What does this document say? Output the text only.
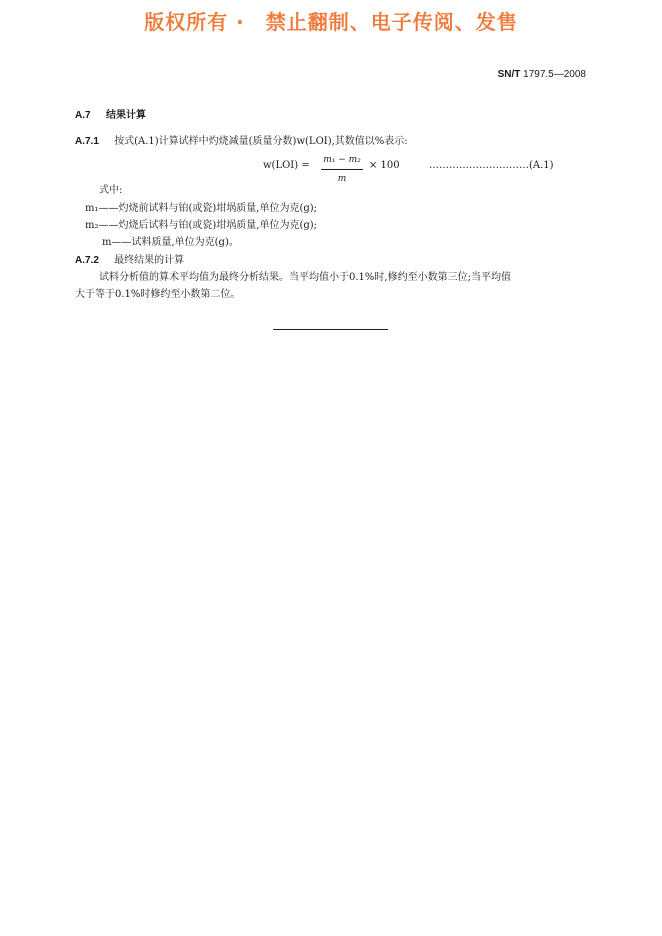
版权所有 ·　禁止翻制、电子传阅、发售
SN/T 1797.5—2008
A.7 结果计算
A.7.1 按式(A.1)计算试样中灼烧减量(质量分数)w(LOI),其数值以%表示:
w(LOI) = m₁ − m₂
m
× 100	…………………………(A.1)
式中:
m₁——灼烧前试料与铂(或瓷)坩埚质量,单位为克(g);
m₂——灼烧后试料与铂(或瓷)坩埚质量,单位为克(g);
m——试料质量,单位为克(g)。
A.7.2 最终结果的计算
试料分析值的算术平均值为最终分析结果。当平均值小于0.1%时,修约至小数第三位;当平均值
大于等于0.1%时修约至小数第二位。
